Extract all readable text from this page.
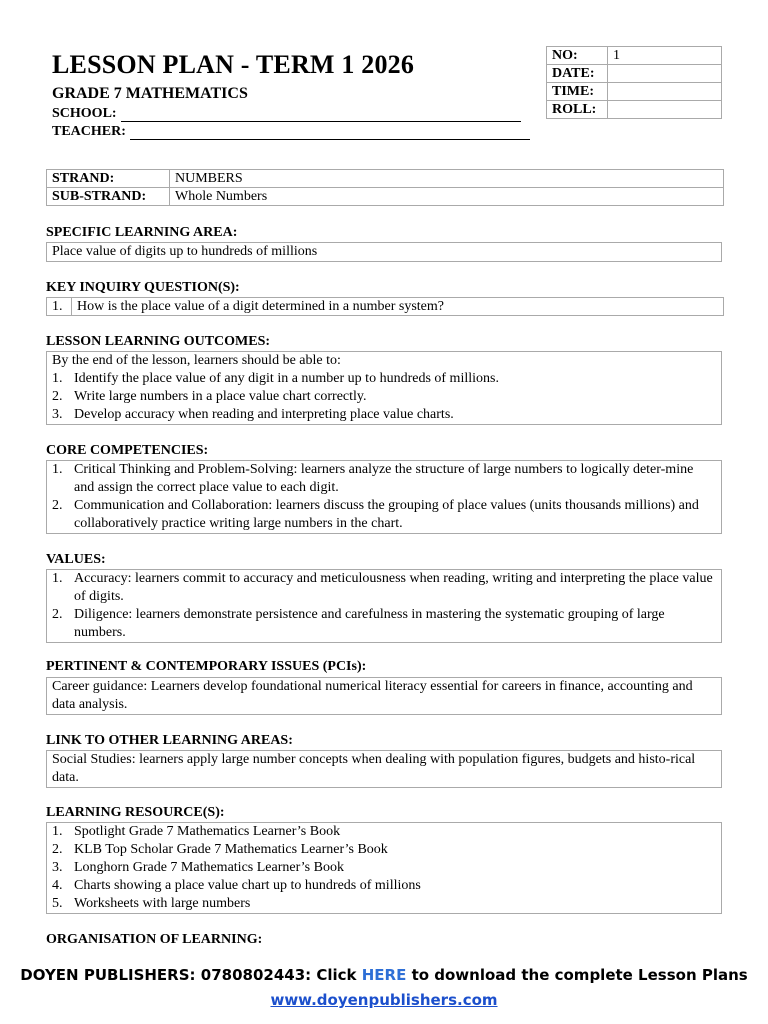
LESSON PLAN - TERM 1 2026
GRADE 7 MATHEMATICS
SCHOOL:
TEACHER:
NO:	1
DATE:	
TIME:	
ROLL:	
STRAND:	NUMBERS
SUB-STRAND:	Whole Numbers
SPECIFIC LEARNING AREA:
Place value of digits up to hundreds of millions
KEY INQUIRY QUESTION(S):
1.	How is the place value of a digit determined in a number system?
LESSON LEARNING OUTCOMES:
By the end of the lesson, learners should be able to:
1. Identify the place value of any digit in a number up to hundreds of millions.
2. Write large numbers in a place value chart correctly.
3. Develop accuracy when reading and interpreting place value charts.
CORE COMPETENCIES:
1. Critical Thinking and Problem-Solving: learners analyze the structure of large numbers to logically deter-mine and assign the correct place value to each digit.
2. Communication and Collaboration: learners discuss the grouping of place values (units thousands millions) and collaboratively practice writing large numbers in the chart.
VALUES:
1. Accuracy: learners commit to accuracy and meticulousness when reading, writing and interpreting the place value of digits.
2. Diligence: learners demonstrate persistence and carefulness in mastering the systematic grouping of large numbers.
PERTINENT & CONTEMPORARY ISSUES (PCIs):
Career guidance: Learners develop foundational numerical literacy essential for careers in finance, accounting and data analysis.
LINK TO OTHER LEARNING AREAS:
Social Studies: learners apply large number concepts when dealing with population figures, budgets and histo-rical data.
LEARNING RESOURCE(S):
1. Spotlight Grade 7 Mathematics Learner’s Book
2. KLB Top Scholar Grade 7 Mathematics Learner’s Book
3. Longhorn Grade 7 Mathematics Learner’s Book
4. Charts showing a place value chart up to hundreds of millions
5. Worksheets with large numbers
ORGANISATION OF LEARNING:
DOYEN PUBLISHERS: 0780802443: Click HERE to download the complete Lesson Plans
www.doyenpublishers.com
